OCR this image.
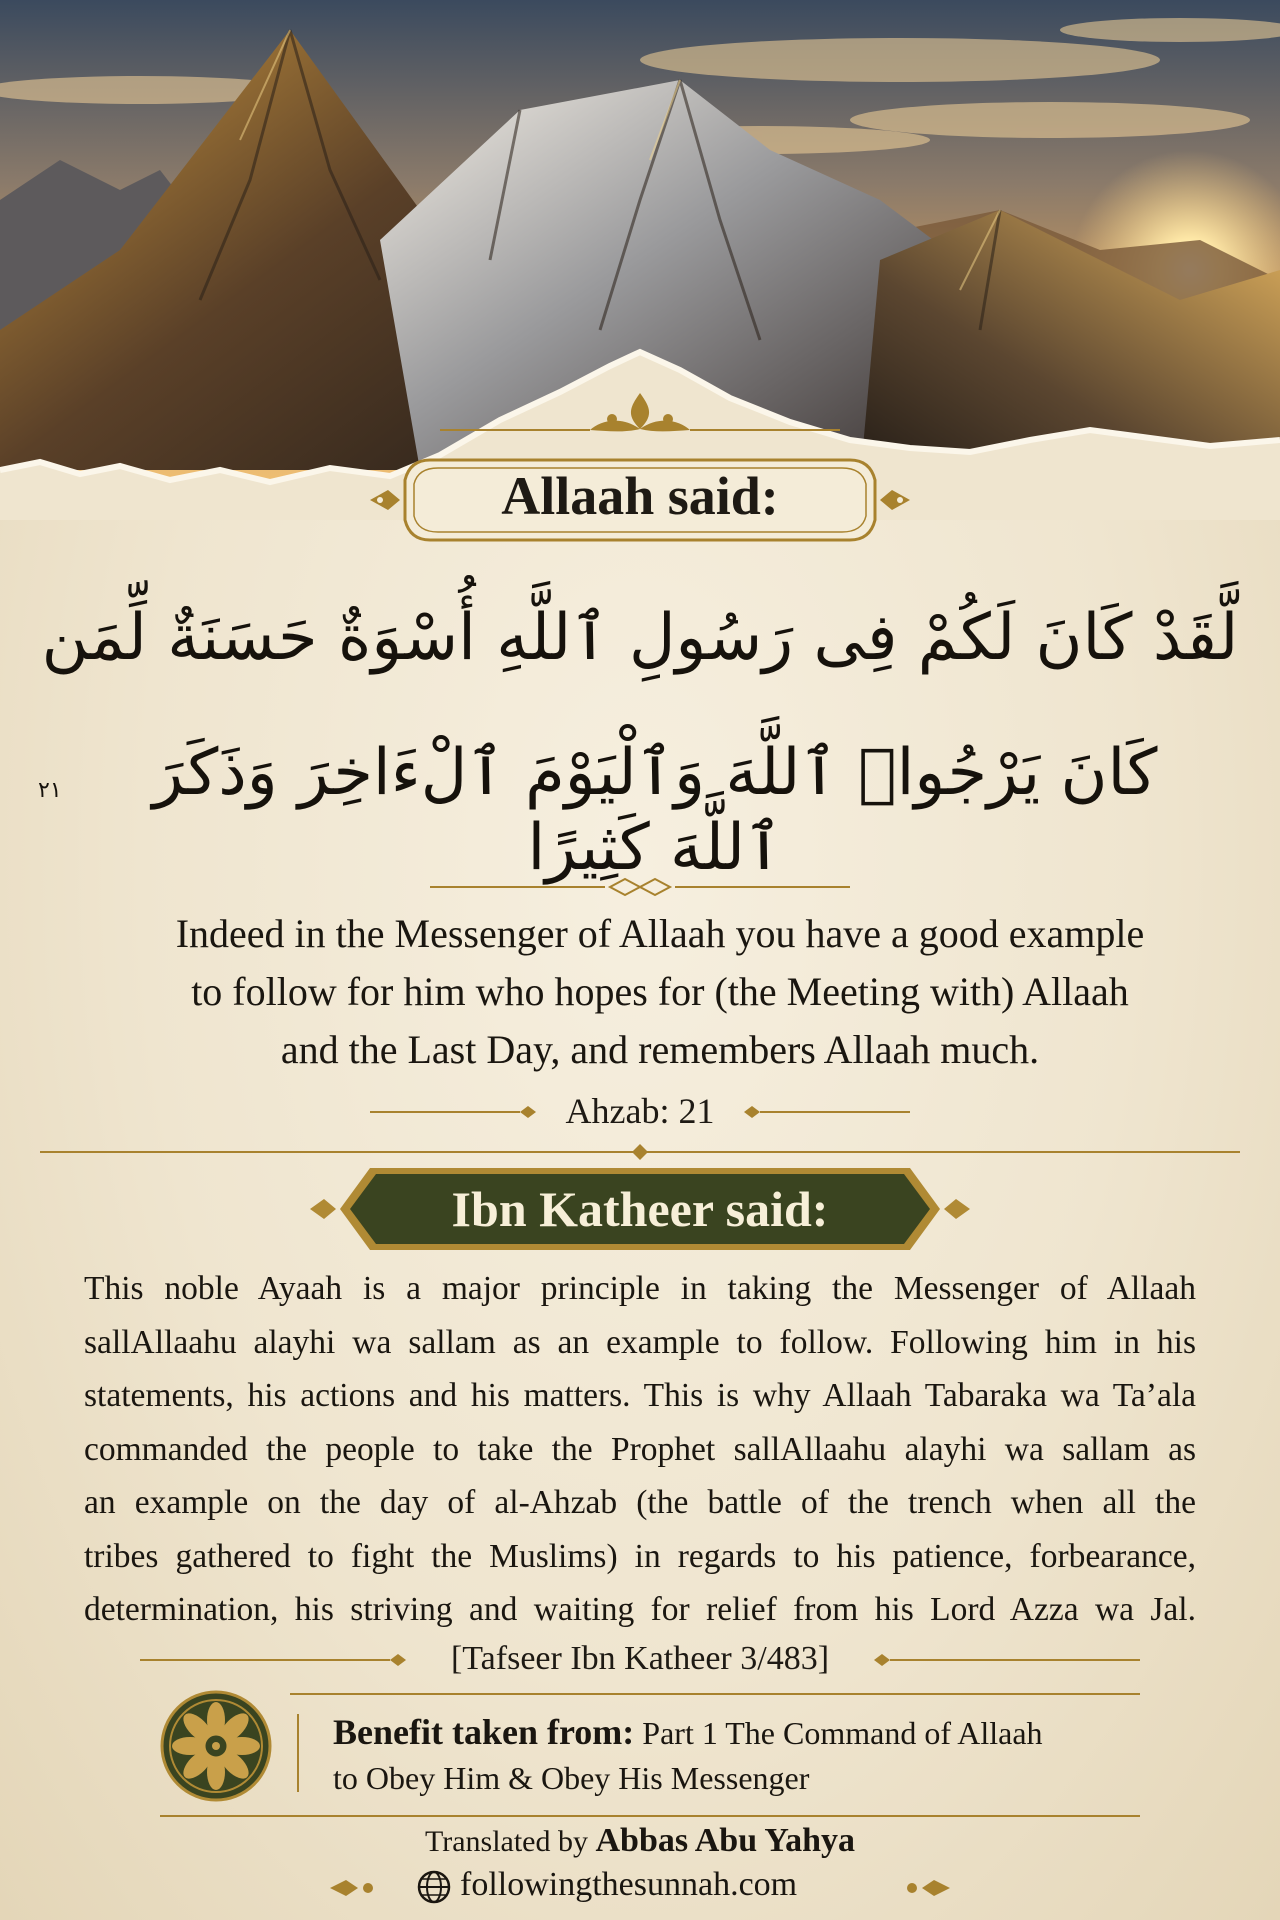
Allaah said:
لَّقَدْ كَانَ لَكُمْ فِى رَسُولِ ٱللَّهِ أُسْوَةٌ حَسَنَةٌ لِّمَن
كَانَ يَرْجُوا۟ ٱللَّهَ وَٱلْيَوْمَ ٱلْءَاخِرَ وَذَكَرَ ٱللَّهَ كَثِيرًا
٢١
Indeed in the Messenger of Allaah you have a good example
to follow for him who hopes for (the Meeting with) Allaah
and the Last Day, and remembers Allaah much.
Ahzab: 21
Ibn Katheer said:
This noble Ayaah is a major principle in taking the Messenger of Allaah
sallAllaahu alayhi wa sallam as an example to follow. Following him in his
statements, his actions and his matters. This is why Allaah Tabaraka wa Ta’ala
commanded the people to take the Prophet sallAllaahu alayhi wa sallam as
an example on the day of al-Ahzab (the battle of the trench when all the
tribes gathered to fight the Muslims) in regards to his patience, forbearance,
determination, his striving and waiting for relief from his Lord Azza wa Jal.
[Tafseer Ibn Katheer 3/483]
Benefit taken from: Part 1 The Command of Allaah
to Obey Him & Obey His Messenger
Translated by Abbas Abu Yahya
followingthesunnah.com
